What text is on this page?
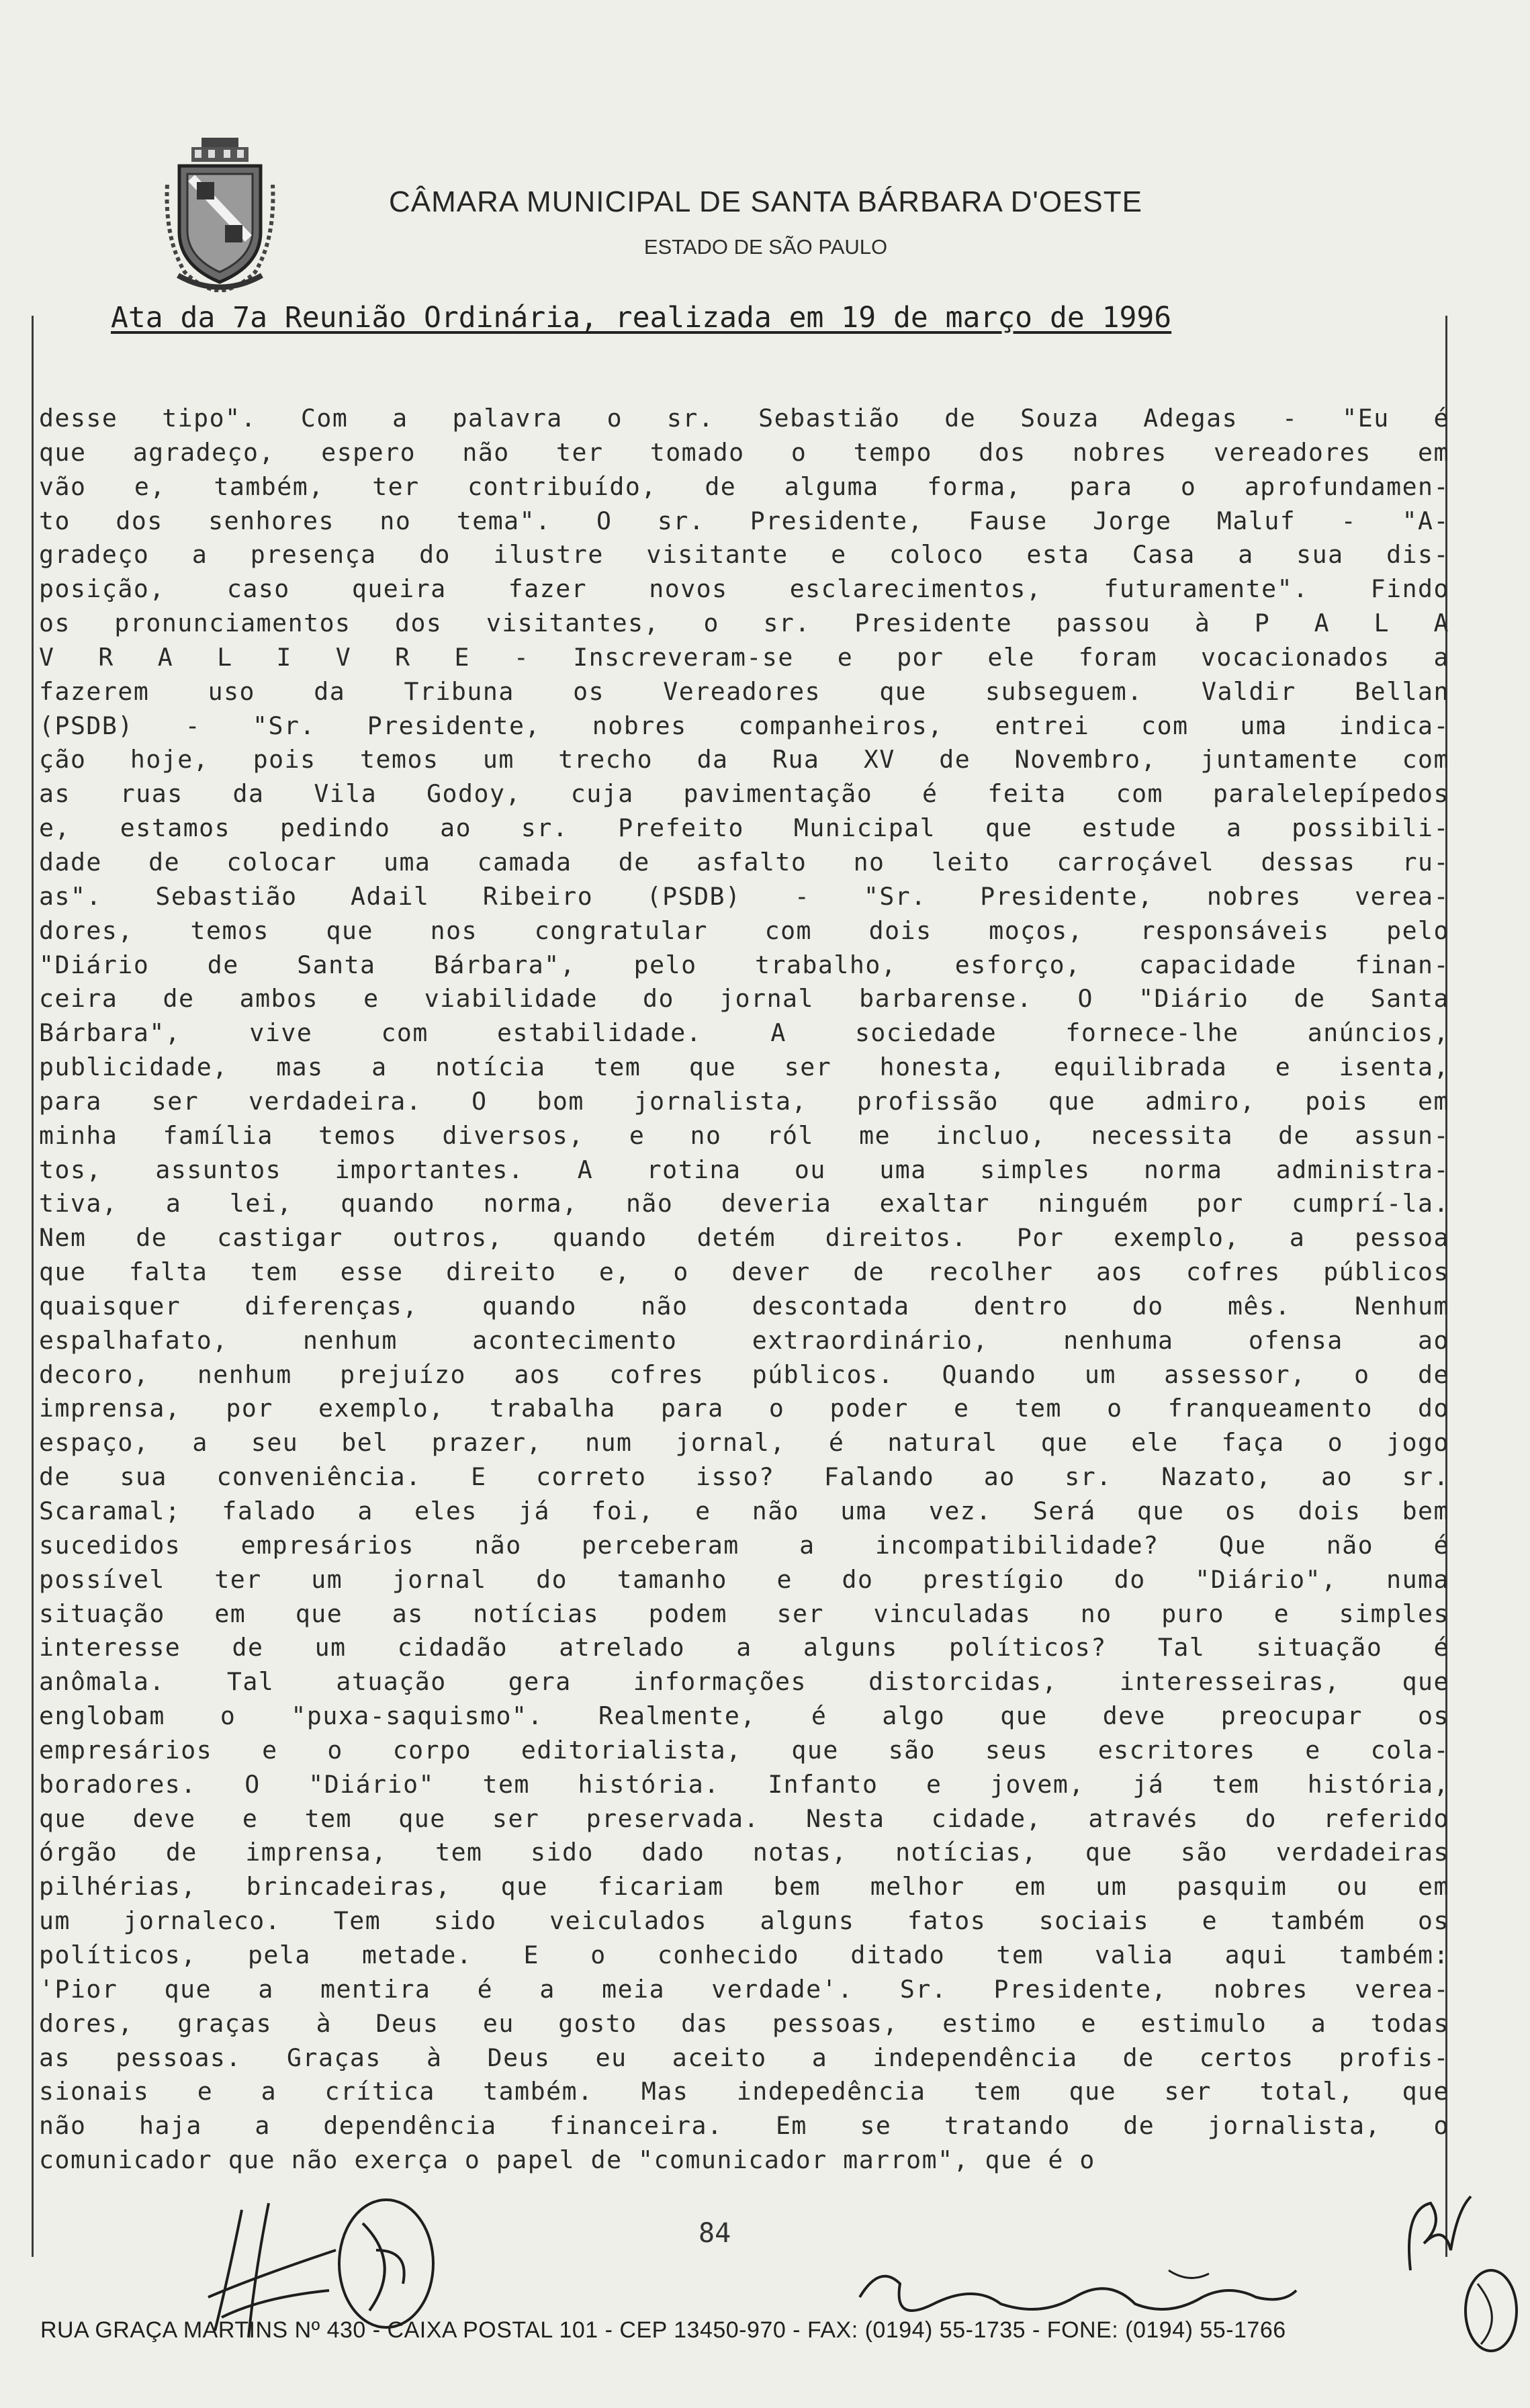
CÂMARA MUNICIPAL DE SANTA BÁRBARA D'OESTE
ESTADO DE SÃO PAULO
Ata da 7a Reunião Ordinária, realizada em 19 de março de 1996
desse tipo". Com a palavra o sr. Sebastião de Souza Adegas - "Eu é
que agradeço, espero não ter tomado o tempo dos nobres vereadores em
vão e, também, ter contribuído, de alguma forma, para o aprofundamen-
to dos senhores no tema". O sr. Presidente, Fause Jorge Maluf - "A-
gradeço a presença do ilustre visitante e coloco esta Casa a sua dis-
posição, caso queira fazer novos esclarecimentos, futuramente". Findo
os pronunciamentos dos visitantes, o sr. Presidente passou à P A L A
V R A L I V R E - Inscreveram-se e por ele foram vocacionados a
fazerem uso da Tribuna os Vereadores que subseguem. Valdir Bellan
(PSDB) - "Sr. Presidente, nobres companheiros, entrei com uma indica-
ção hoje, pois temos um trecho da Rua XV de Novembro, juntamente com
as ruas da Vila Godoy, cuja pavimentação é feita com paralelepípedos
e, estamos pedindo ao sr. Prefeito Municipal que estude a possibili-
dade de colocar uma camada de asfalto no leito carroçável dessas ru-
as". Sebastião Adail Ribeiro (PSDB) - "Sr. Presidente, nobres verea-
dores, temos que nos congratular com dois moços, responsáveis pelo
"Diário de Santa Bárbara", pelo trabalho, esforço, capacidade finan-
ceira de ambos e viabilidade do jornal barbarense. O "Diário de Santa
Bárbara", vive com estabilidade. A sociedade fornece-lhe anúncios,
publicidade, mas a notícia tem que ser honesta, equilibrada e isenta,
para ser verdadeira. O bom jornalista, profissão que admiro, pois em
minha família temos diversos, e no ról me incluo, necessita de assun-
tos, assuntos importantes. A rotina ou uma simples norma administra-
tiva, a lei, quando norma, não deveria exaltar ninguém por cumprí-la.
Nem de castigar outros, quando detém direitos. Por exemplo, a pessoa
que falta tem esse direito e, o dever de recolher aos cofres públicos
quaisquer diferenças, quando não descontada dentro do mês. Nenhum
espalhafato, nenhum acontecimento extraordinário, nenhuma ofensa ao
decoro, nenhum prejuízo aos cofres públicos. Quando um assessor, o de
imprensa, por exemplo, trabalha para o poder e tem o franqueamento do
espaço, a seu bel prazer, num jornal, é natural que ele faça o jogo
de sua conveniência. E correto isso? Falando ao sr. Nazato, ao sr.
Scaramal; falado a eles já foi, e não uma vez. Será que os dois bem
sucedidos empresários não perceberam a incompatibilidade? Que não é
possível ter um jornal do tamanho e do prestígio do "Diário", numa
situação em que as notícias podem ser vinculadas no puro e simples
interesse de um cidadão atrelado a alguns políticos? Tal situação é
anômala. Tal atuação gera informações distorcidas, interesseiras, que
englobam o "puxa-saquismo". Realmente, é algo que deve preocupar os
empresários e o corpo editorialista, que são seus escritores e cola-
boradores. O "Diário" tem história. Infanto e jovem, já tem história,
que deve e tem que ser preservada. Nesta cidade, através do referido
órgão de imprensa, tem sido dado notas, notícias, que são verdadeiras
pilhérias, brincadeiras, que ficariam bem melhor em um pasquim ou em
um jornaleco. Tem sido veiculados alguns fatos sociais e também os
políticos, pela metade. E o conhecido ditado tem valia aqui também:
'Pior que a mentira é a meia verdade'. Sr. Presidente, nobres verea-
dores, graças à Deus eu gosto das pessoas, estimo e estimulo a todas
as pessoas. Graças à Deus eu aceito a independência de certos profis-
sionais e a crítica também. Mas indepedência tem que ser total, que
não haja a dependência financeira. Em se tratando de jornalista, o
comunicador que não exerça o papel de "comunicador marrom", que é o
84
RUA GRAÇA MARTINS Nº 430 - CAIXA POSTAL 101 - CEP 13450-970 - FAX: (0194) 55-1735 - FONE: (0194) 55-1766
